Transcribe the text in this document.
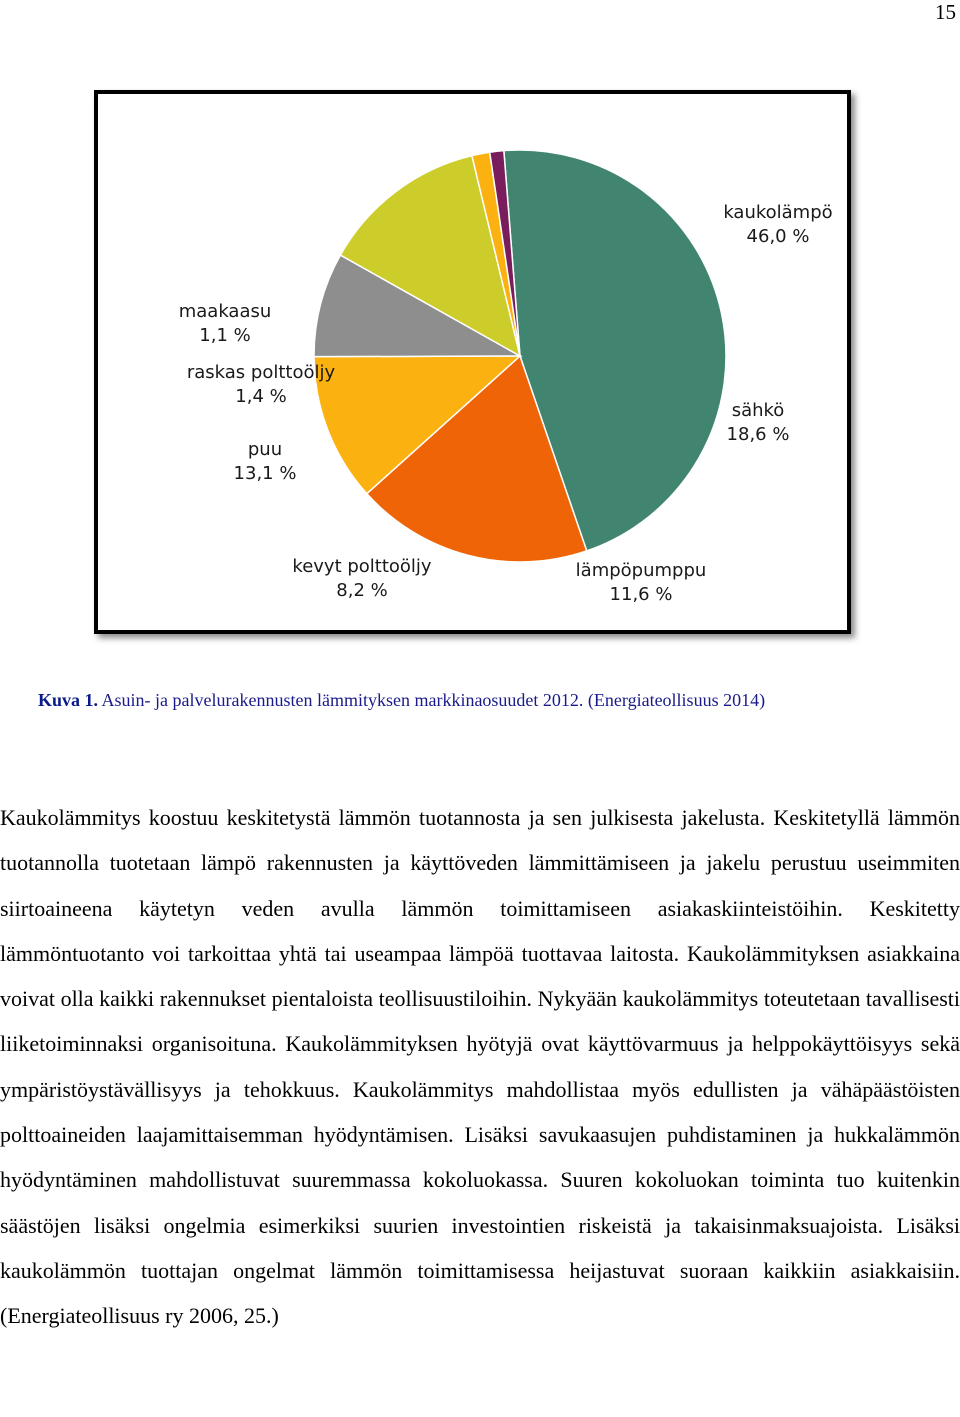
15
kaukolämpö
46,0 %
sähkö
18,6 %
lämpöpumppu
11,6 %
kevyt polttoöljy
8,2 %
puu
13,1 %
raskas polttoöljy
1,4 %
maakaasu
1,1 %
Kuva 1. Asuin- ja palvelurakennusten lämmityksen markkinaosuudet 2012. (Energiateollisuus 2014)

Kaukolämmitys koostuu keskitetystä lämmön tuotannosta ja sen julkisesta jakelusta. Keskitetyllä lämmön tuotannolla tuotetaan lämpö rakennusten ja käyttöveden lämmittämiseen ja jakelu perustuu useimmiten siirtoaineena käytetyn veden avulla lämmön toimittamiseen asiakaskiinteistöihin. Keskitetty lämmöntuotanto voi tarkoittaa yhtä tai useampaa lämpöä tuottavaa laitosta. Kaukolämmityksen asiakkaina voivat olla kaikki rakennukset pientaloista teollisuustiloihin. Nykyään kaukolämmitys toteutetaan tavallisesti liiketoiminnaksi organisoituna. Kaukolämmityksen hyötyjä ovat käyttövarmuus ja helppokäyttöisyys sekä ympäristöystävällisyys ja tehokkuus. Kaukolämmitys mahdollistaa myös edullisten ja vähäpäästöisten polttoaineiden laajamittaisemman hyödyntämisen. Lisäksi savukaasujen puhdistaminen ja hukkalämmön hyödyntäminen mahdollistuvat suuremmassa kokoluokassa. Suuren kokoluokan toiminta tuo kuitenkin säästöjen lisäksi ongelmia esimerkiksi suurien investointien riskeistä ja takaisinmaksuajoista. Lisäksi kaukolämmön tuottajan ongelmat lämmön toimittamisessa heijastuvat suoraan kaikkiin asiakkaisiin. (Energiateollisuus ry 2006, 25.)
